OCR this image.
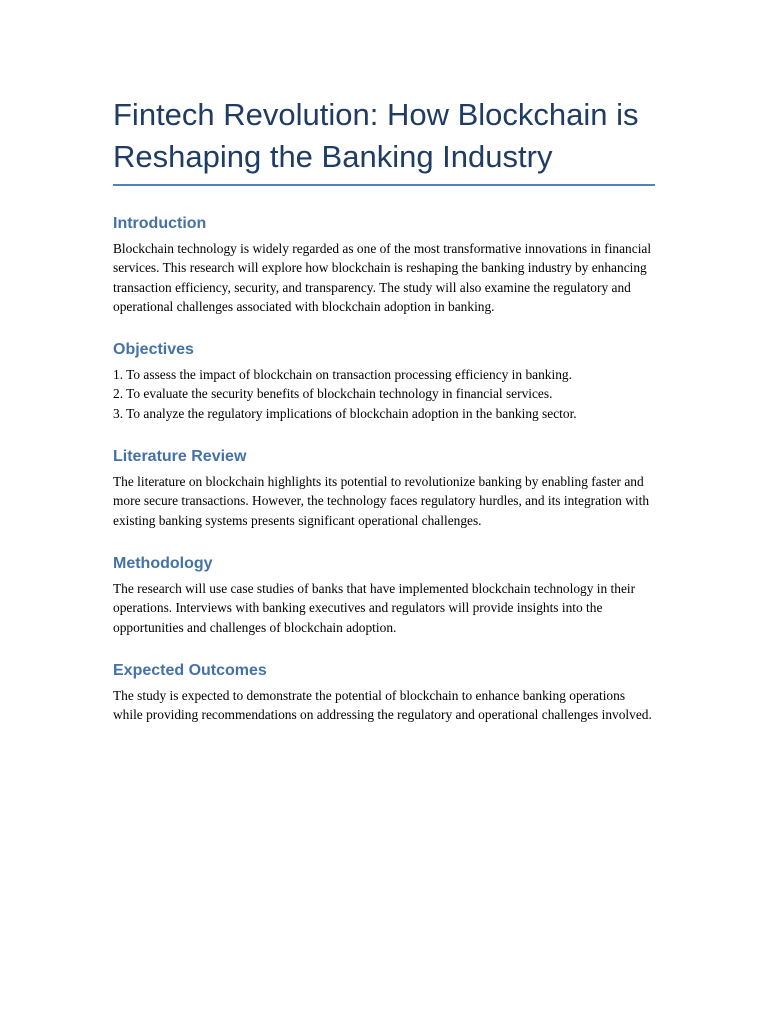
Fintech Revolution: How Blockchain is Reshaping the Banking Industry
Introduction

Blockchain technology is widely regarded as one of the most transformative innovations in financial services. This research will explore how blockchain is reshaping the banking industry by enhancing transaction efficiency, security, and transparency. The study will also examine the regulatory and operational challenges associated with blockchain adoption in banking.

Objectives
1. To assess the impact of blockchain on transaction processing efficiency in banking.
2. To evaluate the security benefits of blockchain technology in financial services.
3. To analyze the regulatory implications of blockchain adoption in the banking sector.
Literature Review

The literature on blockchain highlights its potential to revolutionize banking by enabling faster and more secure transactions. However, the technology faces regulatory hurdles, and its integration with existing banking systems presents significant operational challenges.

Methodology

The research will use case studies of banks that have implemented blockchain technology in their operations. Interviews with banking executives and regulators will provide insights into the opportunities and challenges of blockchain adoption.

Expected Outcomes

The study is expected to demonstrate the potential of blockchain to enhance banking operations while providing recommendations on addressing the regulatory and operational challenges involved.
